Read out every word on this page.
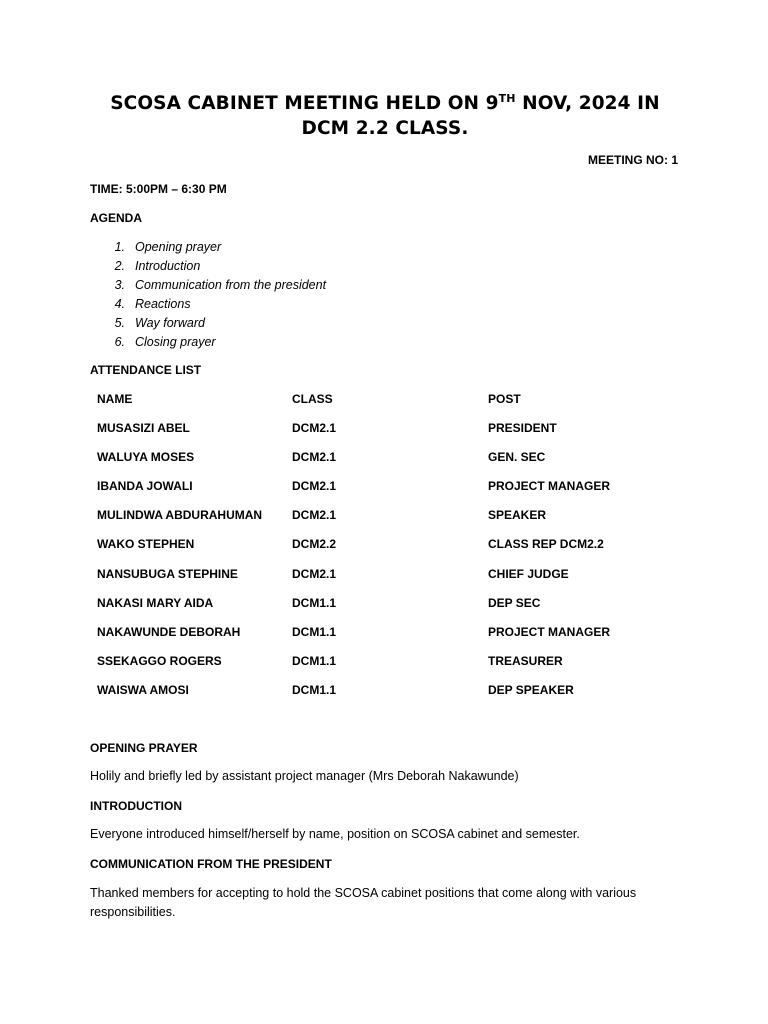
SCOSA CABINET MEETING HELD ON 9TH NOV, 2024 IN
DCM 2.2 CLASS.
MEETING NO: 1
TIME: 5:00PM – 6:30 PM
AGENDA
1. Opening prayer
2. Introduction
3. Communication from the president
4. Reactions
5. Way forward
6. Closing prayer
ATTENDANCE LIST
NAME	CLASS	POST
MUSASIZI ABEL	DCM2.1	PRESIDENT
WALUYA MOSES	DCM2.1	GEN. SEC
IBANDA JOWALI	DCM2.1	PROJECT MANAGER
MULINDWA ABDURAHUMAN	DCM2.1	SPEAKER
WAKO STEPHEN	DCM2.2	CLASS REP DCM2.2
NANSUBUGA STEPHINE	DCM2.1	CHIEF JUDGE
NAKASI MARY AIDA	DCM1.1	DEP SEC
NAKAWUNDE DEBORAH	DCM1.1	PROJECT MANAGER
SSEKAGGO ROGERS	DCM1.1	TREASURER
WAISWA AMOSI	DCM1.1	DEP SPEAKER
OPENING PRAYER
Holily and briefly led by assistant project manager (Mrs Deborah Nakawunde)
INTRODUCTION
Everyone introduced himself/herself by name, position on SCOSA cabinet and semester.
COMMUNICATION FROM THE PRESIDENT
Thanked members for accepting to hold the SCOSA cabinet positions that come along with various responsibilities.
